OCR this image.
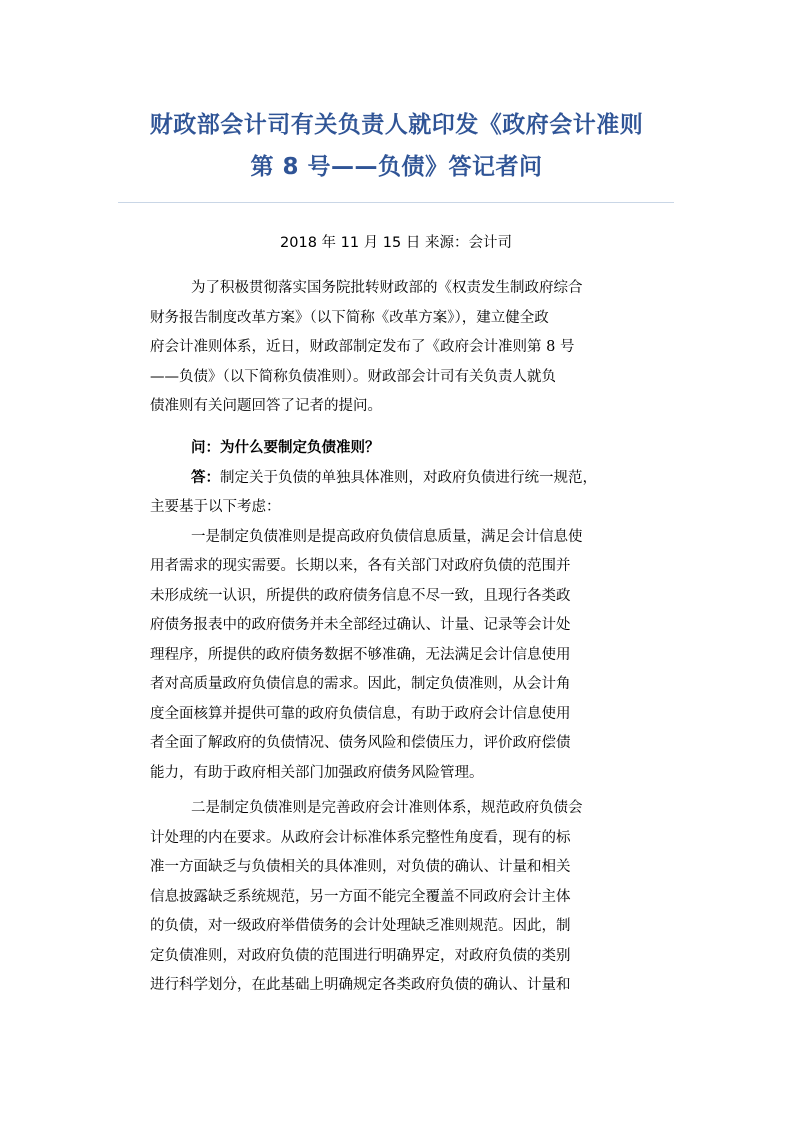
财政部会计司有关负责人就印发《政府会计准则
第 8 号——负债》答记者问
2018 年 11 月 15 日 来源：会计司
为了积极贯彻落实国务院批转财政部的《权责发生制政府综合
财务报告制度改革方案》（以下简称《改革方案》），建立健全政
府会计准则体系，近日，财政部制定发布了《政府会计准则第 8 号
——负债》（以下简称负债准则）。财政部会计司有关负责人就负
债准则有关问题回答了记者的提问。
问：为什么要制定负债准则？
答：制定关于负债的单独具体准则，对政府负债进行统一规范，
主要基于以下考虑：
一是制定负债准则是提高政府负债信息质量，满足会计信息使
用者需求的现实需要。长期以来，各有关部门对政府负债的范围并
未形成统一认识，所提供的政府债务信息不尽一致，且现行各类政
府债务报表中的政府债务并未全部经过确认、计量、记录等会计处
理程序，所提供的政府债务数据不够准确，无法满足会计信息使用
者对高质量政府负债信息的需求。因此，制定负债准则，从会计角
度全面核算并提供可靠的政府负债信息，有助于政府会计信息使用
者全面了解政府的负债情况、债务风险和偿债压力，评价政府偿债
能力，有助于政府相关部门加强政府债务风险管理。
二是制定负债准则是完善政府会计准则体系，规范政府负债会
计处理的内在要求。从政府会计标准体系完整性角度看，现有的标
准一方面缺乏与负债相关的具体准则，对负债的确认、计量和相关
信息披露缺乏系统规范，另一方面不能完全覆盖不同政府会计主体
的负债，对一级政府举借债务的会计处理缺乏准则规范。因此，制
定负债准则，对政府负债的范围进行明确界定，对政府负债的类别
进行科学划分，在此基础上明确规定各类政府负债的确认、计量和
